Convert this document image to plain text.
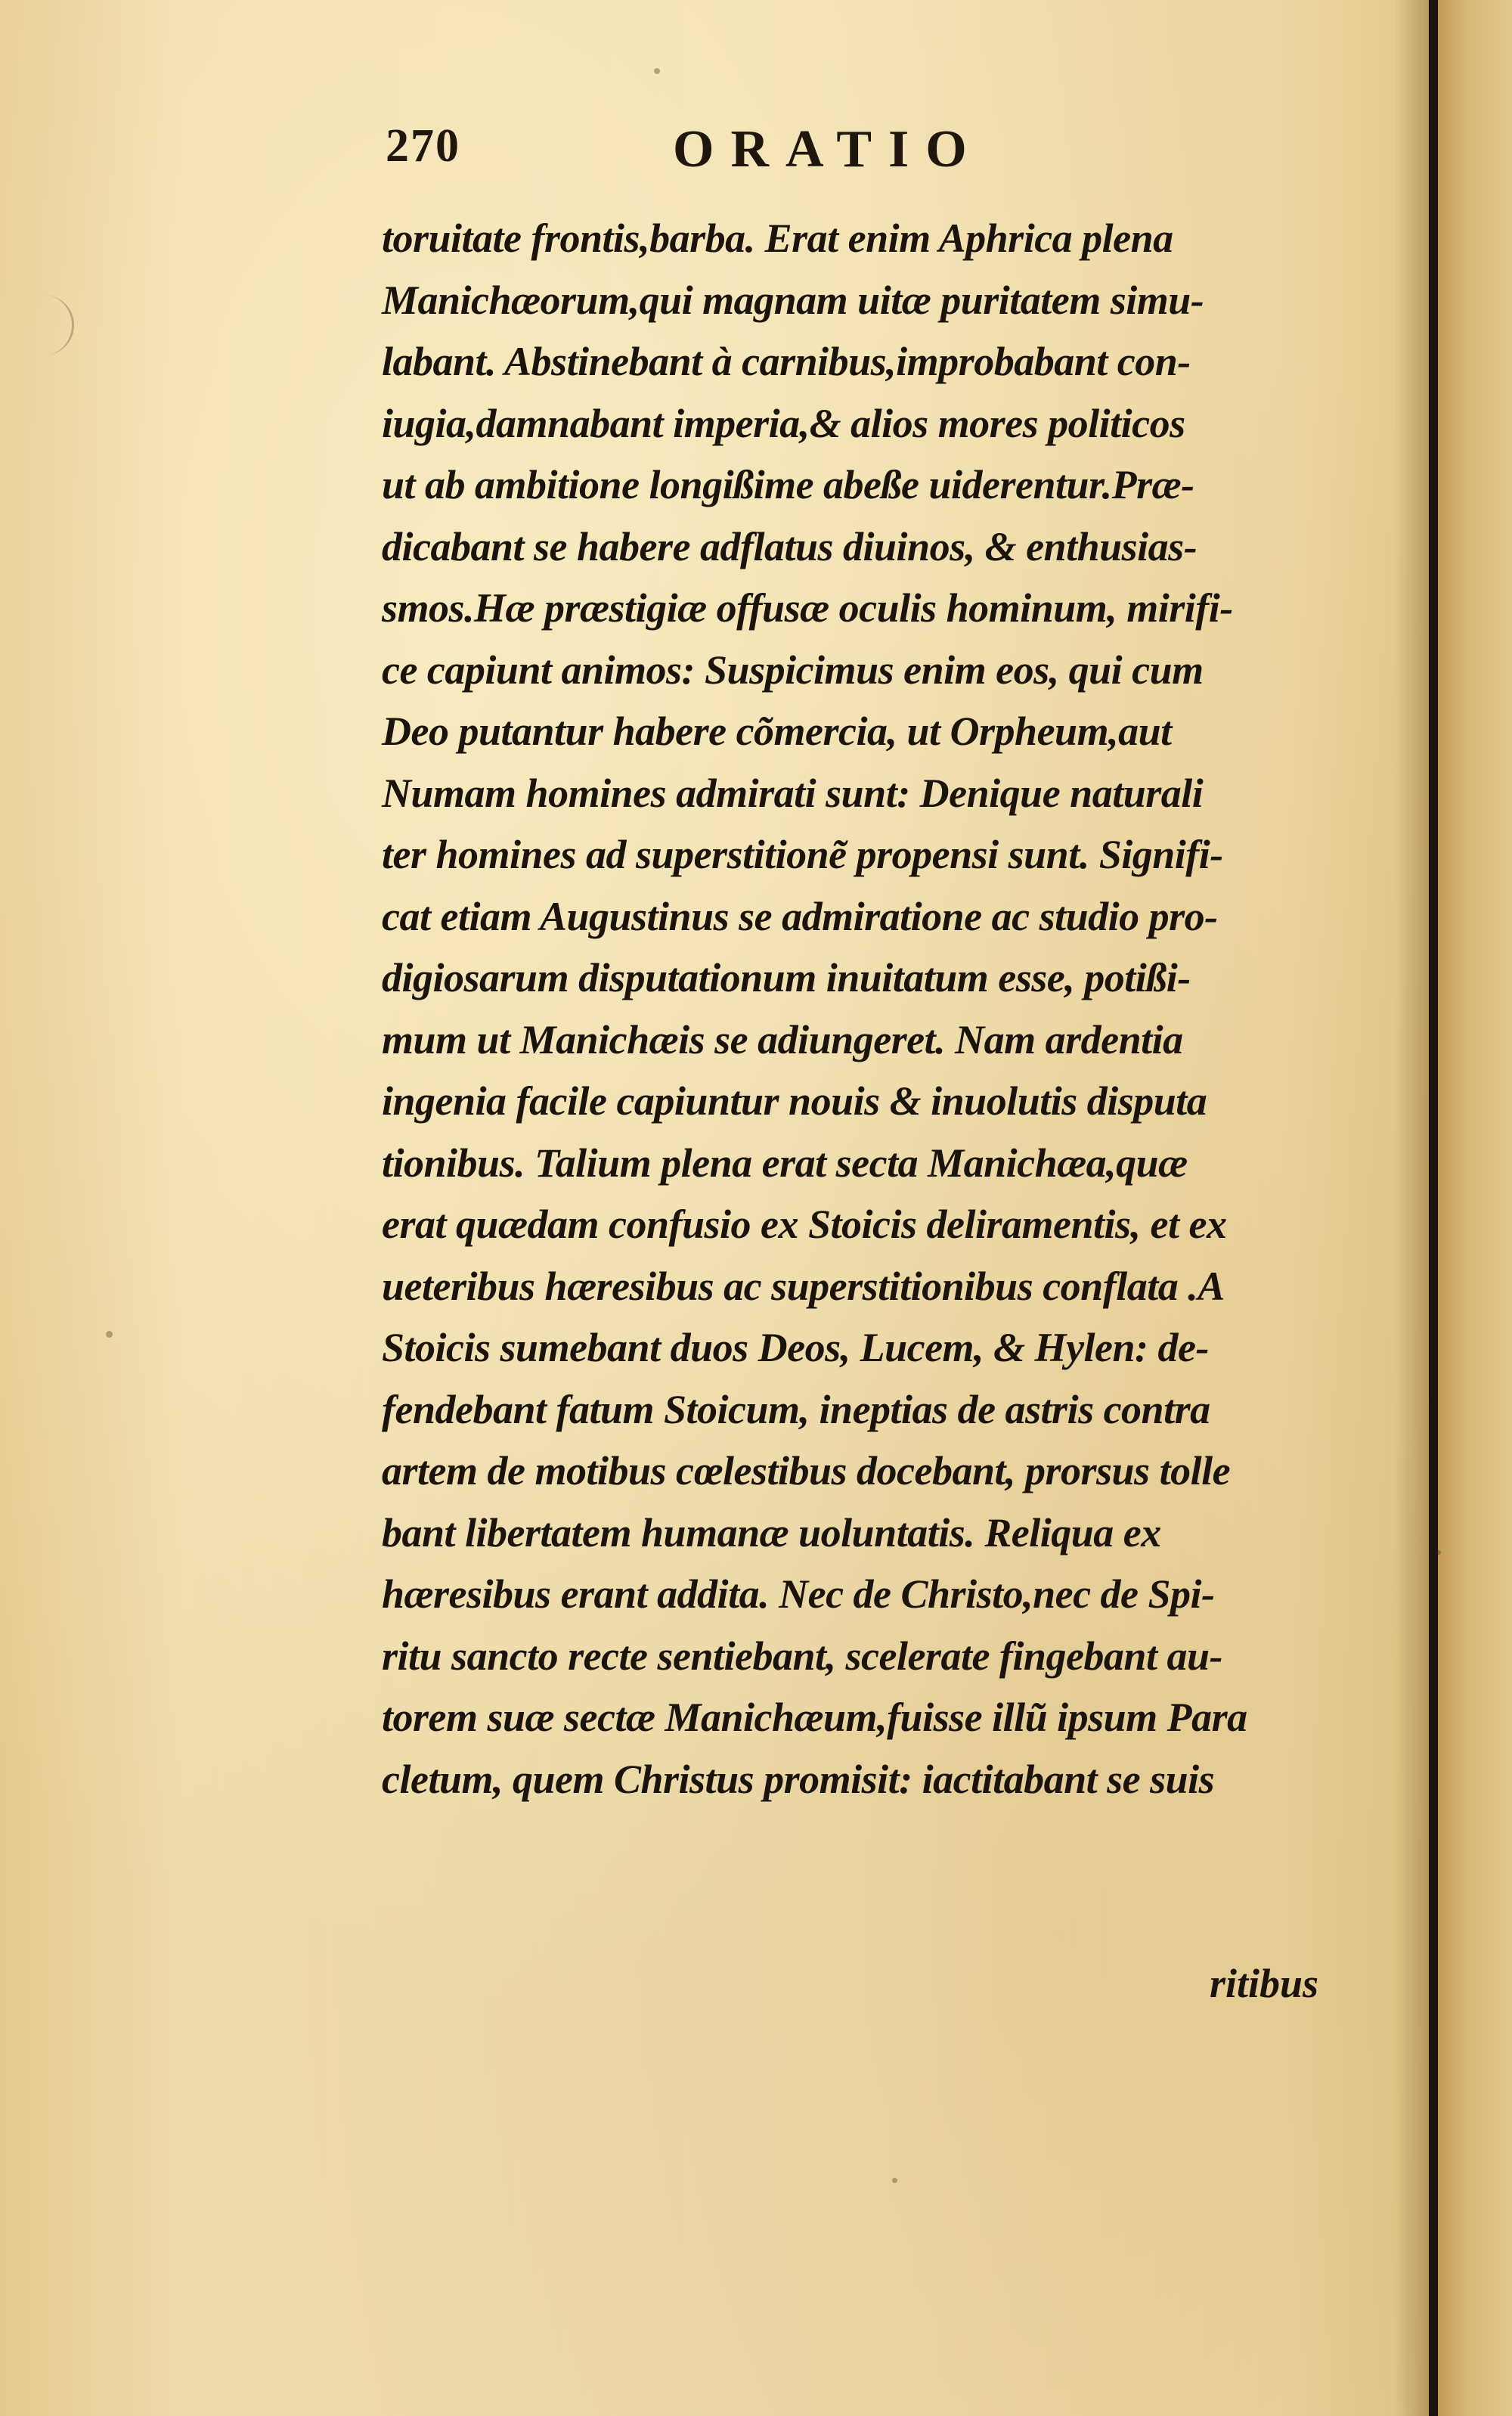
270	ORATIO
toruitate frontis,barba. Erat enim Aphrica plena
Manichæorum,qui magnam uitæ puritatem simu-
labant. Abstinebant à carnibus,improbabant con-
iugia,damnabant imperia,& alios mores politicos
ut ab ambitione longißime abeße uiderentur.Præ-
dicabant se habere adflatus diuinos, & enthusias-
smos.Hæ præstigiæ offusæ oculis hominum, mirifi-
ce capiunt animos: Suspicimus enim eos, qui cum
Deo putantur habere cõmercia, ut Orpheum,aut
Numam homines admirati sunt: Denique naturali
ter homines ad superstitionẽ propensi sunt. Signifi-
cat etiam Augustinus se admiratione ac studio pro-
digiosarum disputationum inuitatum esse, potißi-
mum ut Manichæis se adiungeret. Nam ardentia
ingenia facile capiuntur nouis & inuolutis disputa
tionibus. Talium plena erat secta Manichæa,quæ
erat quædam confusio ex Stoicis deliramentis, et ex
ueteribus hæresibus ac superstitionibus conflata .A
Stoicis sumebant duos Deos, Lucem, & Hylen: de-
fendebant fatum Stoicum, ineptias de astris contra
artem de motibus cœlestibus docebant, prorsus tolle
bant libertatem humanæ uoluntatis. Reliqua ex
hæresibus erant addita. Nec de Christo,nec de Spi-
ritu sancto recte sentiebant, scelerate fingebant au-
torem suæ sectæ Manichæum,fuisse illũ ipsum Para
cletum, quem Christus promisit: iactitabant se suis
ritibus
